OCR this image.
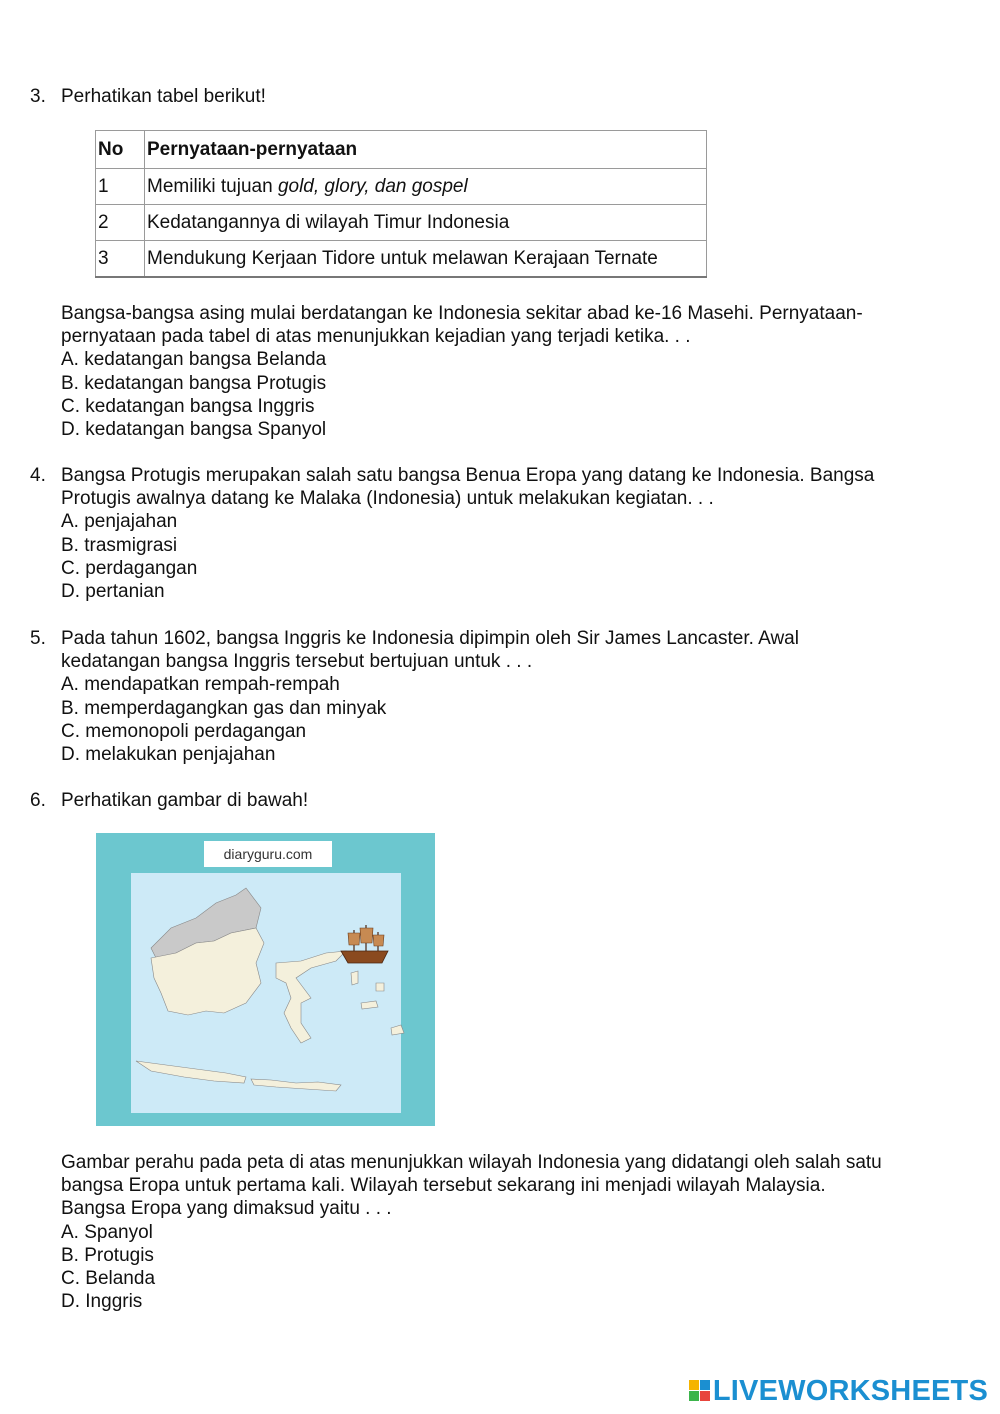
3. Perhatikan tabel berikut!
No	Pernyataan-pernyataan
1	Memiliki tujuan gold, glory, dan gospel
2	Kedatangannya di wilayah Timur Indonesia
3	Mendukung Kerjaan Tidore untuk melawan Kerajaan Ternate
Bangsa-bangsa asing mulai berdatangan ke Indonesia sekitar abad ke-16 Masehi. Pernyataan-
pernyataan pada tabel di atas menunjukkan kejadian yang terjadi ketika. . .
A. kedatangan bangsa Belanda
B. kedatangan bangsa Protugis
C. kedatangan bangsa Inggris
D. kedatangan bangsa Spanyol
4. Bangsa Protugis merupakan salah satu bangsa Benua Eropa yang datang ke Indonesia. Bangsa
Protugis awalnya datang ke Malaka (Indonesia) untuk melakukan kegiatan. . .
A. penjajahan
B. trasmigrasi
C. perdagangan
D. pertanian
5. Pada tahun 1602, bangsa Inggris ke Indonesia dipimpin oleh Sir James Lancaster. Awal
kedatangan bangsa Inggris tersebut bertujuan untuk . . .
A. mendapatkan rempah-rempah
B. memperdagangkan gas dan minyak
C. memonopoli perdagangan
D. melakukan penjajahan
6. Perhatikan gambar di bawah!
diaryguru.com
Gambar perahu pada peta di atas menunjukkan wilayah Indonesia yang didatangi oleh salah satu
bangsa Eropa untuk pertama kali. Wilayah tersebut sekarang ini menjadi wilayah Malaysia.
Bangsa Eropa yang dimaksud yaitu . . .
A. Spanyol
B. Protugis
C. Belanda
D. Inggris
LIVEWORKSHEETS
